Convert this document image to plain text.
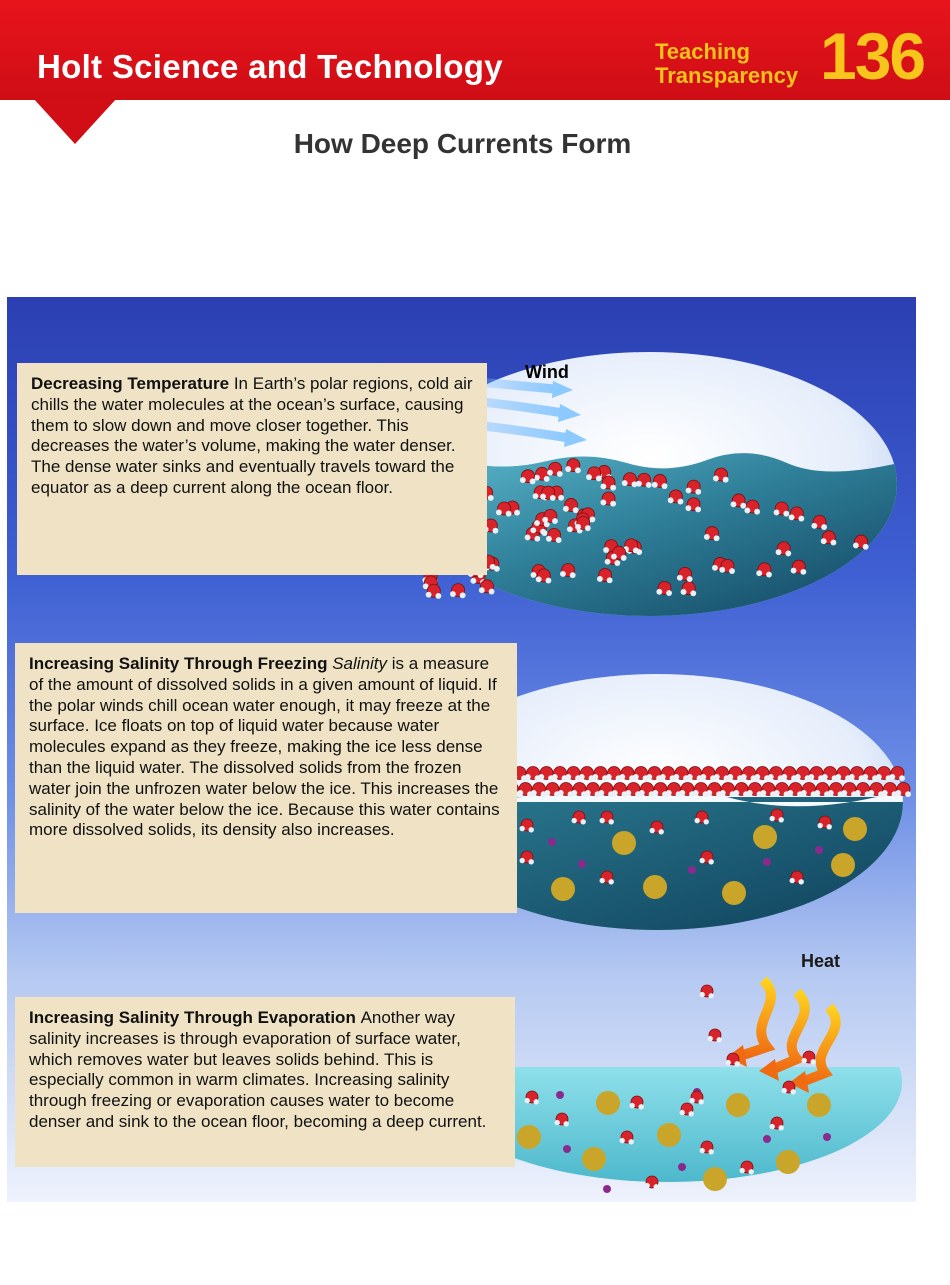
Holt Science and Technology	Teaching
Transparency 136
How Deep Currents Form
Wind
Heat
Decreasing Temperature In Earth’s polar regions, cold air chills the water molecules at the ocean’s surface, causing them to slow down and move closer together. This decreases the water’s volume, making the water denser. The dense water sinks and eventually travels toward the equator as a deep current along the ocean floor.
Increasing Salinity Through Freezing Salinity is a measure of the amount of dissolved solids in a given amount of liquid. If the polar winds chill ocean water enough, it may freeze at the surface. Ice floats on top of liquid water because water molecules expand as they freeze, making the ice less dense than the liquid water. The dissolved solids from the frozen water join the unfrozen water below the ice. This increases the salinity of the water below the ice. Because this water contains more dissolved solids, its density also increases.
Increasing Salinity Through Evaporation Another way salinity increases is through evaporation of surface water, which removes water but leaves solids behind. This is especially common in warm climates. Increasing salinity through freezing or evaporation causes water to become denser and sink to the ocean floor, becoming a deep current.
